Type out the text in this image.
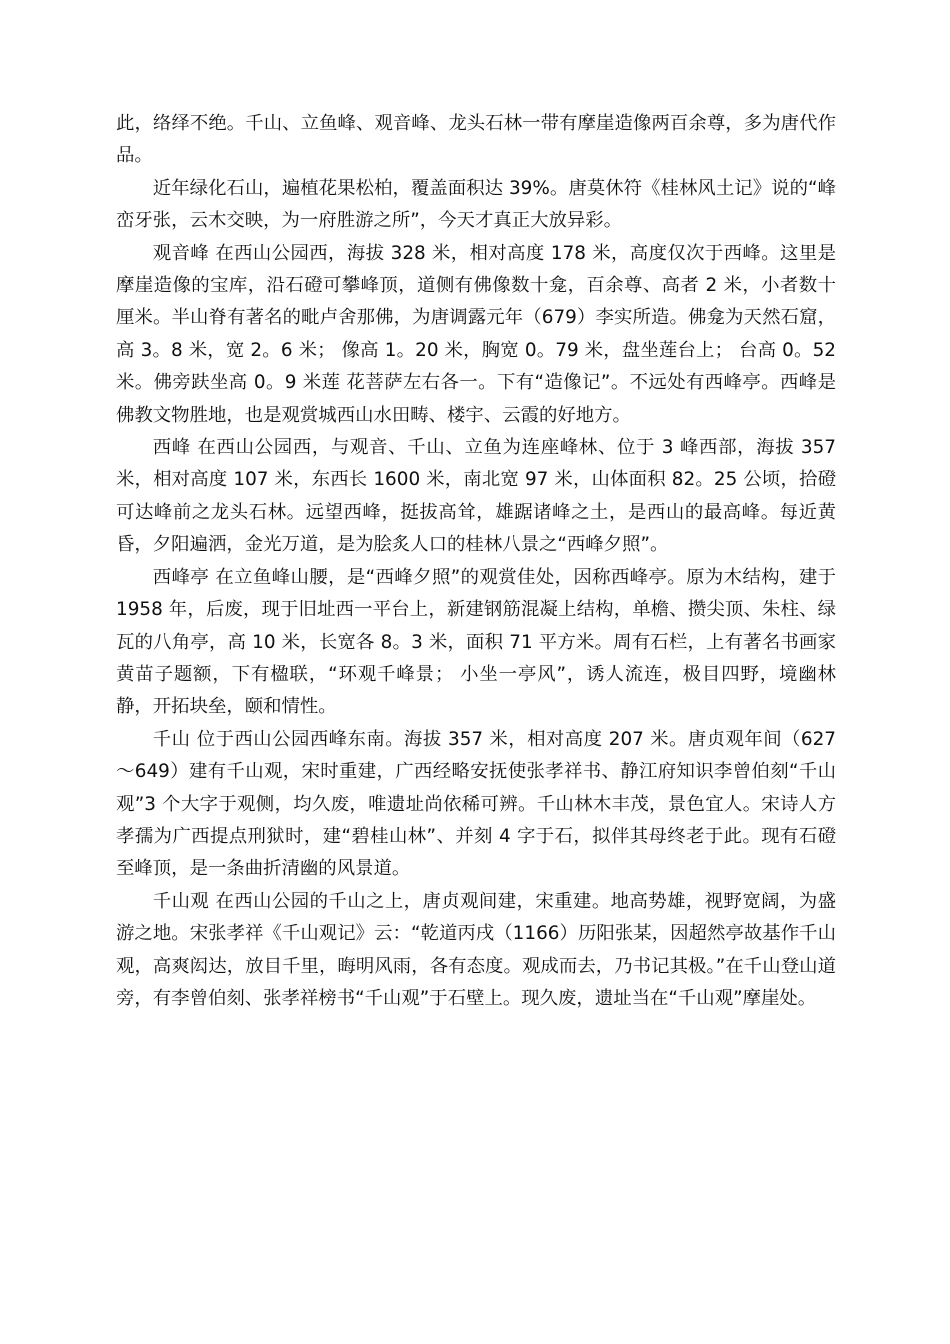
此，络绎不绝。千山、立鱼峰、观音峰、龙头石林一带有摩崖造像两百余尊，多为唐代作品。

近年绿化石山，遍植花果松柏，覆盖面积达 39%。唐莫休符《桂林风土记》说的“峰峦牙张，云木交映，为一府胜游之所”，今天才真正大放异彩。

观音峰 在西山公园西，海拔 328 米，相对高度 178 米，高度仅次于西峰。这里是摩崖造像的宝库，沿石磴可攀峰顶，道侧有佛像数十龛，百余尊、高者 2 米，小者数十厘米。半山脊有著名的毗卢舍那佛，为唐调露元年（679）李实所造。佛龛为天然石窟，高 3。8 米，宽 2。6 米； 像高 1。20 米，胸宽 0。79 米，盘坐莲台上； 台高 0。52 米。佛旁趺坐高 0。9 米莲 花菩萨左右各一。下有“造像记”。不远处有西峰亭。西峰是佛教文物胜地，也是观赏城西山水田畴、楼宇、云霞的好地方。

西峰 在西山公园西，与观音、千山、立鱼为连座峰林、位于 3 峰西部，海拔 357 米，相对高度 107 米，东西长 1600 米，南北宽 97 米，山体面积 82。25 公顷，拾磴可达峰前之龙头石林。远望西峰，挺拔高耸，雄踞诸峰之土，是西山的最高峰。每近黄昏，夕阳遍洒，金光万道，是为脍炙人口的桂林八景之“西峰夕照”。

西峰亭 在立鱼峰山腰，是“西峰夕照”的观赏佳处，因称西峰亭。原为木结构，建于 1958 年，后废，现于旧址西一平台上，新建钢筋混凝上结构，单檐、攒尖顶、朱柱、绿瓦的八角亭，高 10 米，长宽各 8。3 米，面积 71 平方米。周有石栏，上有著名书画家黄苗子题额，下有楹联，“环观千峰景； 小坐一亭风”，诱人流连，极目四野，境幽林静，开拓块垒，颐和情性。

千山 位于西山公园西峰东南。海拔 357 米，相对高度 207 米。唐贞观年间（627～649）建有千山观，宋时重建，广西经略安抚使张孝祥书、静江府知识李曾伯刻“千山观”3 个大字于观侧，均久废，唯遗址尚依稀可辨。千山林木丰茂，景色宜人。宋诗人方孝孺为广西提点刑狱时，建“碧桂山林”、并刻 4 字于石，拟伴其母终老于此。现有石磴至峰顶，是一条曲折清幽的风景道。

千山观 在西山公园的千山之上，唐贞观间建，宋重建。地高势雄，视野宽阔，为盛游之地。宋张孝祥《千山观记》云：“乾道丙戌（1166）历阳张某，因超然亭故基作千山观，高爽闳达，放目千里，晦明风雨，各有态度。观成而去，乃书记其极。”在千山登山道旁，有李曾伯刻、张孝祥榜书“千山观”于石壁上。现久废，遗址当在“千山观”摩崖处。
